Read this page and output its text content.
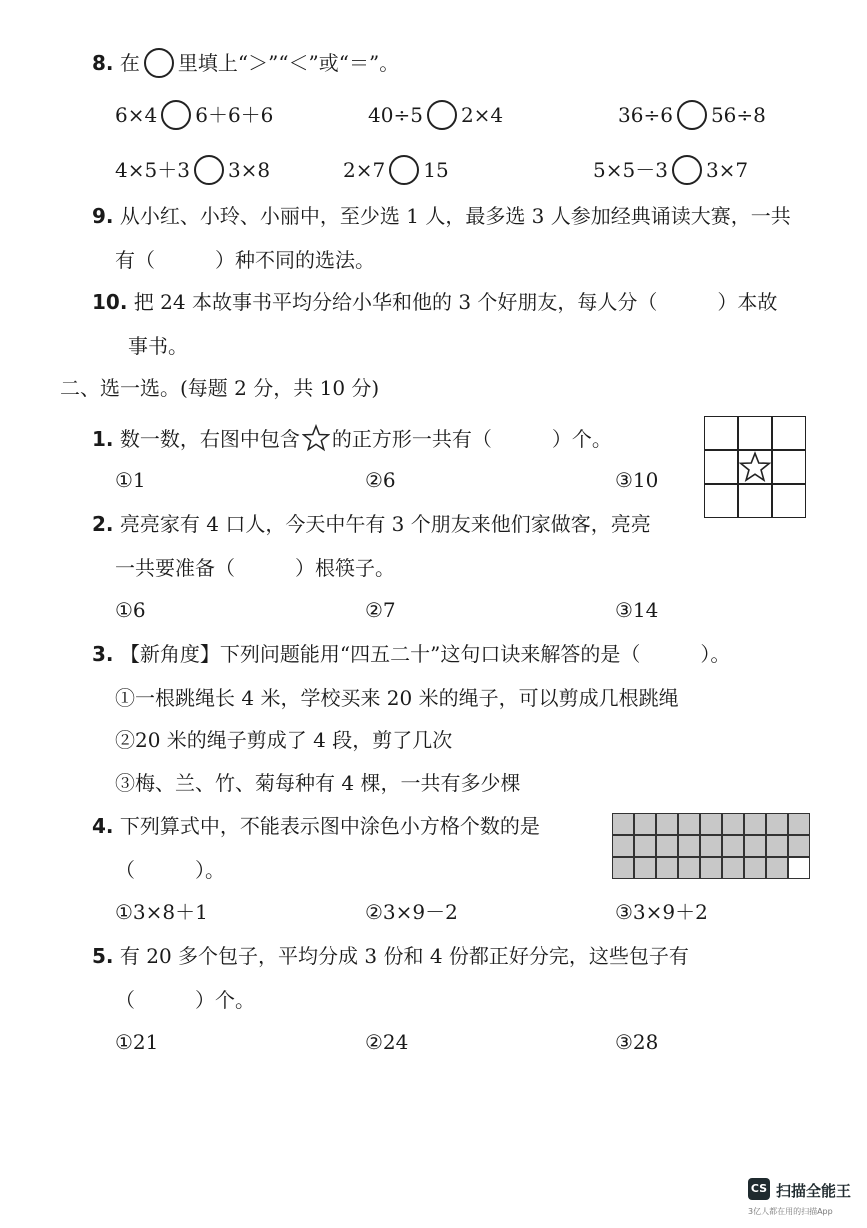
8. 在 里填上“＞”“＜”或“＝”。
6×4 6＋6＋6	40÷5 2×4	36÷6 56÷8
4×5＋3 3×8	2×7 15	5×5－3 3×7
9. 从小红、小玲、小丽中，至少选 1 人，最多选 3 人参加经典诵读大赛，一共
有（　　　）种不同的选法。
10. 把 24 本故事书平均分给小华和他的 3 个好朋友，每人分（　　　）本故
事书。
二、选一选。(每题 2 分，共 10 分)
1. 数一数，右图中包含 的正方形一共有（　　　）个。
①1	②6	③10
2. 亮亮家有 4 口人，今天中午有 3 个朋友来他们家做客，亮亮
一共要准备（　　　）根筷子。
①6	②7	③14
3. 【新角度】下列问题能用“四五二十”这句口诀来解答的是（　　　）。
①一根跳绳长 4 米，学校买来 20 米的绳子，可以剪成几根跳绳
②20 米的绳子剪成了 4 段，剪了几次
③梅、兰、竹、菊每种有 4 棵，一共有多少棵
4. 下列算式中，不能表示图中涂色小方格个数的是
（　　　）。
①3×8＋1	②3×9－2	③3×9＋2
5. 有 20 多个包子，平均分成 3 份和 4 份都正好分完，这些包子有
（　　　）个。
①21	②24	③28
CS 扫描全能王
3亿人都在用的扫描App
